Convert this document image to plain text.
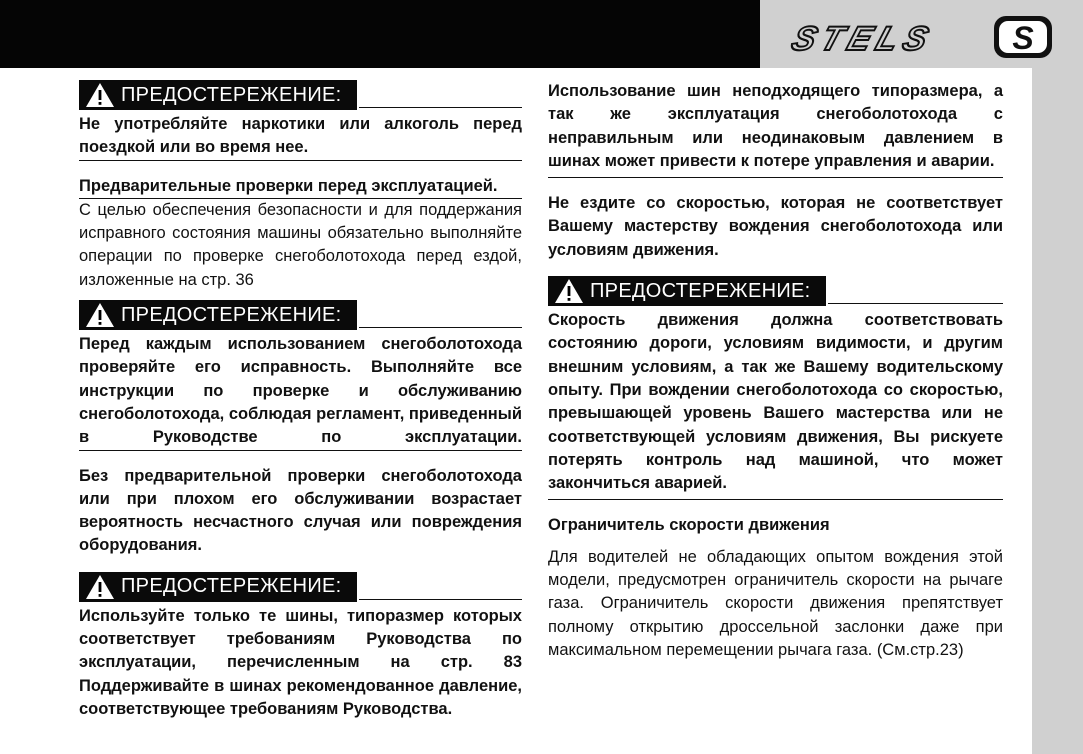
STELS S
ПРЕДОСТЕРЕЖЕНИЕ:

Не употребляйте наркотики или алкоголь перед поездкой или во время нее.

Предварительные проверки перед эксплуатацией.

С целью обеспечения безопасности и для поддержания исправного состояния машины обязательно выполняйте операции по проверке снегоболотохода перед ездой, изложенные на стр. 36

ПРЕДОСТЕРЕЖЕНИЕ:

Перед каждым использованием снегоболотохода проверяйте его исправность. Выполняйте все инструкции по проверке и обслуживанию снегоболотохода, соблюдая регламент, приведенный в Руководстве по эксплуатации.

Без предварительной проверки снегоболотохода или при плохом его обслуживании возрастает вероятность несчастного случая или повреждения оборудования.

ПРЕДОСТЕРЕЖЕНИЕ:

Используйте только те шины, типоразмер которых соответствует требованиям Руководства по эксплуатации, перечисленным на стр. 83 Поддерживайте в шинах рекомендованное давление, соответствующее требованиям Руководства.

Использование шин неподходящего типоразмера, а так же эксплуатация снегоболотохода с неправильным или неодинаковым давлением в шинах может привести к потере управления и аварии.

Не ездите со скоростью, которая не соответствует Вашему мастерству вождения снегоболотохода или условиям движения.

ПРЕДОСТЕРЕЖЕНИЕ:

Скорость движения должна соответствовать состоянию дороги, условиям видимости, и другим внешним условиям, а так же Вашему водительскому опыту. При вождении снегоболотохода со скоростью, превышающей уровень Вашего мастерства или не соответствующей условиям движения, Вы рискуете потерять контроль над машиной, что может закончиться аварией.

Ограничитель скорости движения

Для водителей не обладающих опытом вождения этой модели, предусмотрен ограничитель скорости на рычаге газа. Ограничитель скорости движения препятствует полному открытию дроссельной заслонки даже при максимальном перемещении рычага газа. (См.стр.23)
